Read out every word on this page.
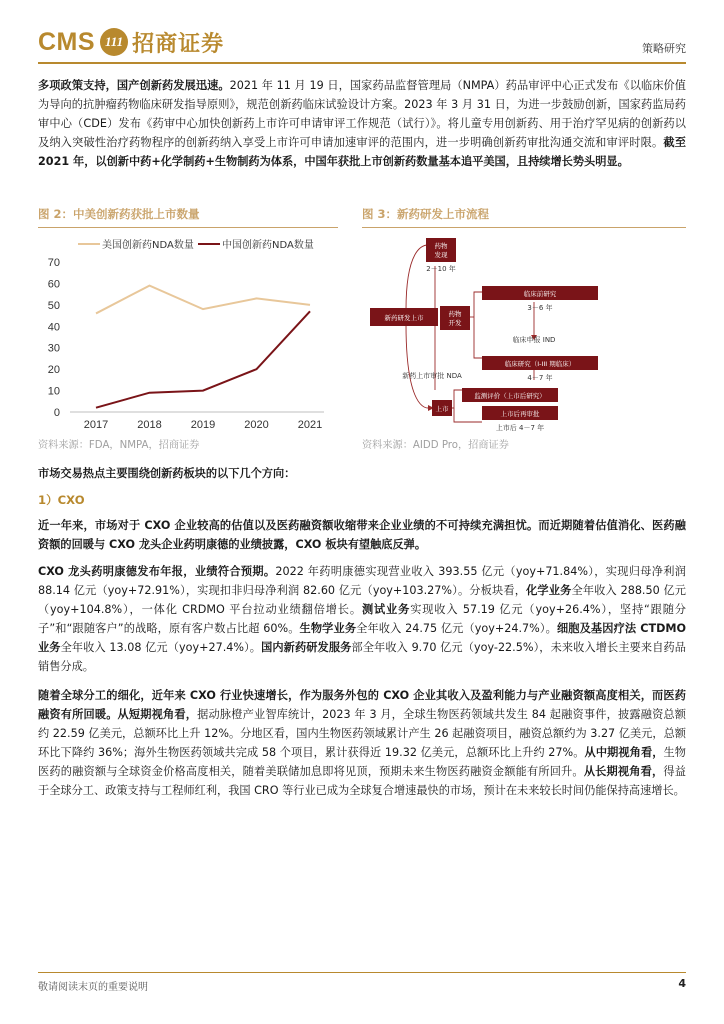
CMS 111 招商证券	策略研究
多项政策支持，国产创新药发展迅速。2021 年 11 月 19 日，国家药品监督管理局（NMPA）药品审评中心正式发布《以临床价值为导向的抗肿瘤药物临床研发指导原则》，规范创新药临床试验设计方案。2023 年 3 月 31 日，为进一步鼓励创新，国家药监局药审中心（CDE）发布《药审中心加快创新药上市许可申请审评工作规范（试行）》。将儿童专用创新药、用于治疗罕见病的创新药以及纳入突破性治疗药物程序的创新药纳入享受上市许可申请加速审评的范围内，进一步明确创新药审批沟通交流和审评时限。截至 2021 年，以创新中药+化学制药+生物制药为体系，中国年获批上市创新药数量基本追平美国，且持续增长势头明显。
图 2：中美创新药获批上市数量
0
10
20
30
40
50
60
70
2017	2018	2019	2020	2021
美国创新药NDA数量	中国创新药NDA数量
资料来源：FDA，NMPA，招商证券
图 3：新药研发上市流程
药物
发现
2－10 年
新药研发上市	药物
开发
临床前研究
3－6 年
临床申报 IND
临床研究（I-III 期临床）
4－7 年
新药上市审批 NDA
上市
监测评价（上市后研究）
上市后再审批
上市后 4－7 年
资料来源：AIDD Pro，招商证券
市场交易热点主要围绕创新药板块的以下几个方向：
1）CXO
近一年来，市场对于 CXO 企业较高的估值以及医药融资额收缩带来企业业绩的不可持续充满担忧。而近期随着估值消化、医药融资额的回暖与 CXO 龙头企业药明康德的业绩披露，CXO 板块有望触底反弹。
CXO 龙头药明康德发布年报，业绩符合预期。2022 年药明康德实现营业收入 393.55 亿元（yoy+71.84%），实现归母净利润 88.14 亿元（yoy+72.91%），实现扣非归母净利润 82.60 亿元（yoy+103.27%）。分板块看，化学业务全年收入 288.50 亿元（yoy+104.8%），一体化 CRDMO 平台拉动业绩翻倍增长。测试业务实现收入 57.19 亿元（yoy+26.4%），坚持“跟随分子”和“跟随客户”的战略，原有客户数占比超 60%。生物学业务全年收入 24.75 亿元（yoy+24.7%）。细胞及基因疗法 CTDMO 业务全年收入 13.08 亿元（yoy+27.4%）。国内新药研发服务部全年收入 9.70 亿元（yoy-22.5%），未来收入增长主要来自药品销售分成。
随着全球分工的细化，近年来 CXO 行业快速增长，作为服务外包的 CXO 企业其收入及盈利能力与产业融资额高度相关，而医药融资有所回暖。从短期视角看，据动脉橙产业智库统计，2023 年 3 月，全球生物医药领域共发生 84 起融资事件，披露融资总额约 22.59 亿美元，总额环比上升 12%。分地区看，国内生物医药领域累计产生 26 起融资项目，融资总额约为 3.27 亿美元，总额环比下降约 36%；海外生物医药领域共完成 58 个项目，累计获得近 19.32 亿美元，总额环比上升约 27%。从中期视角看，生物医药的融资额与全球资金价格高度相关，随着美联储加息即将见顶，预期未来生物医药融资金额能有所回升。从长期视角看，得益于全球分工、政策支持与工程师红利，我国 CRO 等行业已成为全球复合增速最快的市场，预计在未来较长时间仍能保持高速增长。
敬请阅读末页的重要说明	4
